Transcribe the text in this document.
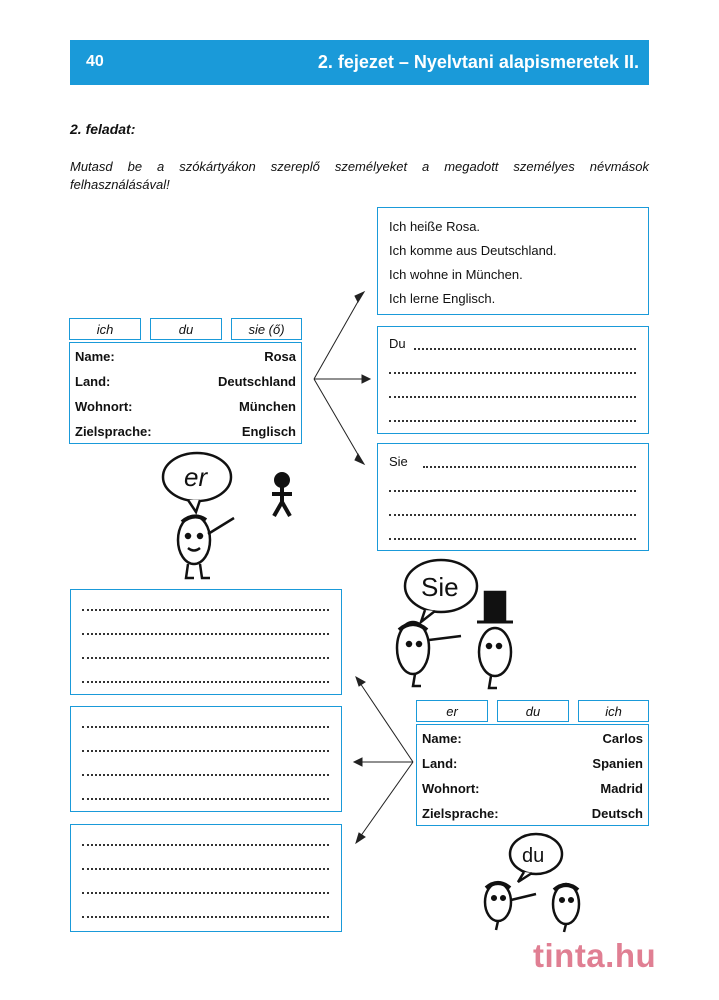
40	2. fejezet – Nyelvtani alapismeretek II.
2. feladat:
Mutasd be a szókártyákon szereplő személyeket a megadott személyes névmások felhasználásával!
Ich heiße Rosa.
Ich komme aus Deutschland.
Ich wohne in München.
Ich lerne Englisch.
Du
Sie
ich	du	sie (ő)
Name:	Rosa
Land:	Deutschland
Wohnort:	München
Zielsprache:	Englisch
er	du	ich
Name:	Carlos
Land:	Spanien
Wohnort:	Madrid
Zielsprache:	Deutsch
er
Sie
du
tinta.hu
